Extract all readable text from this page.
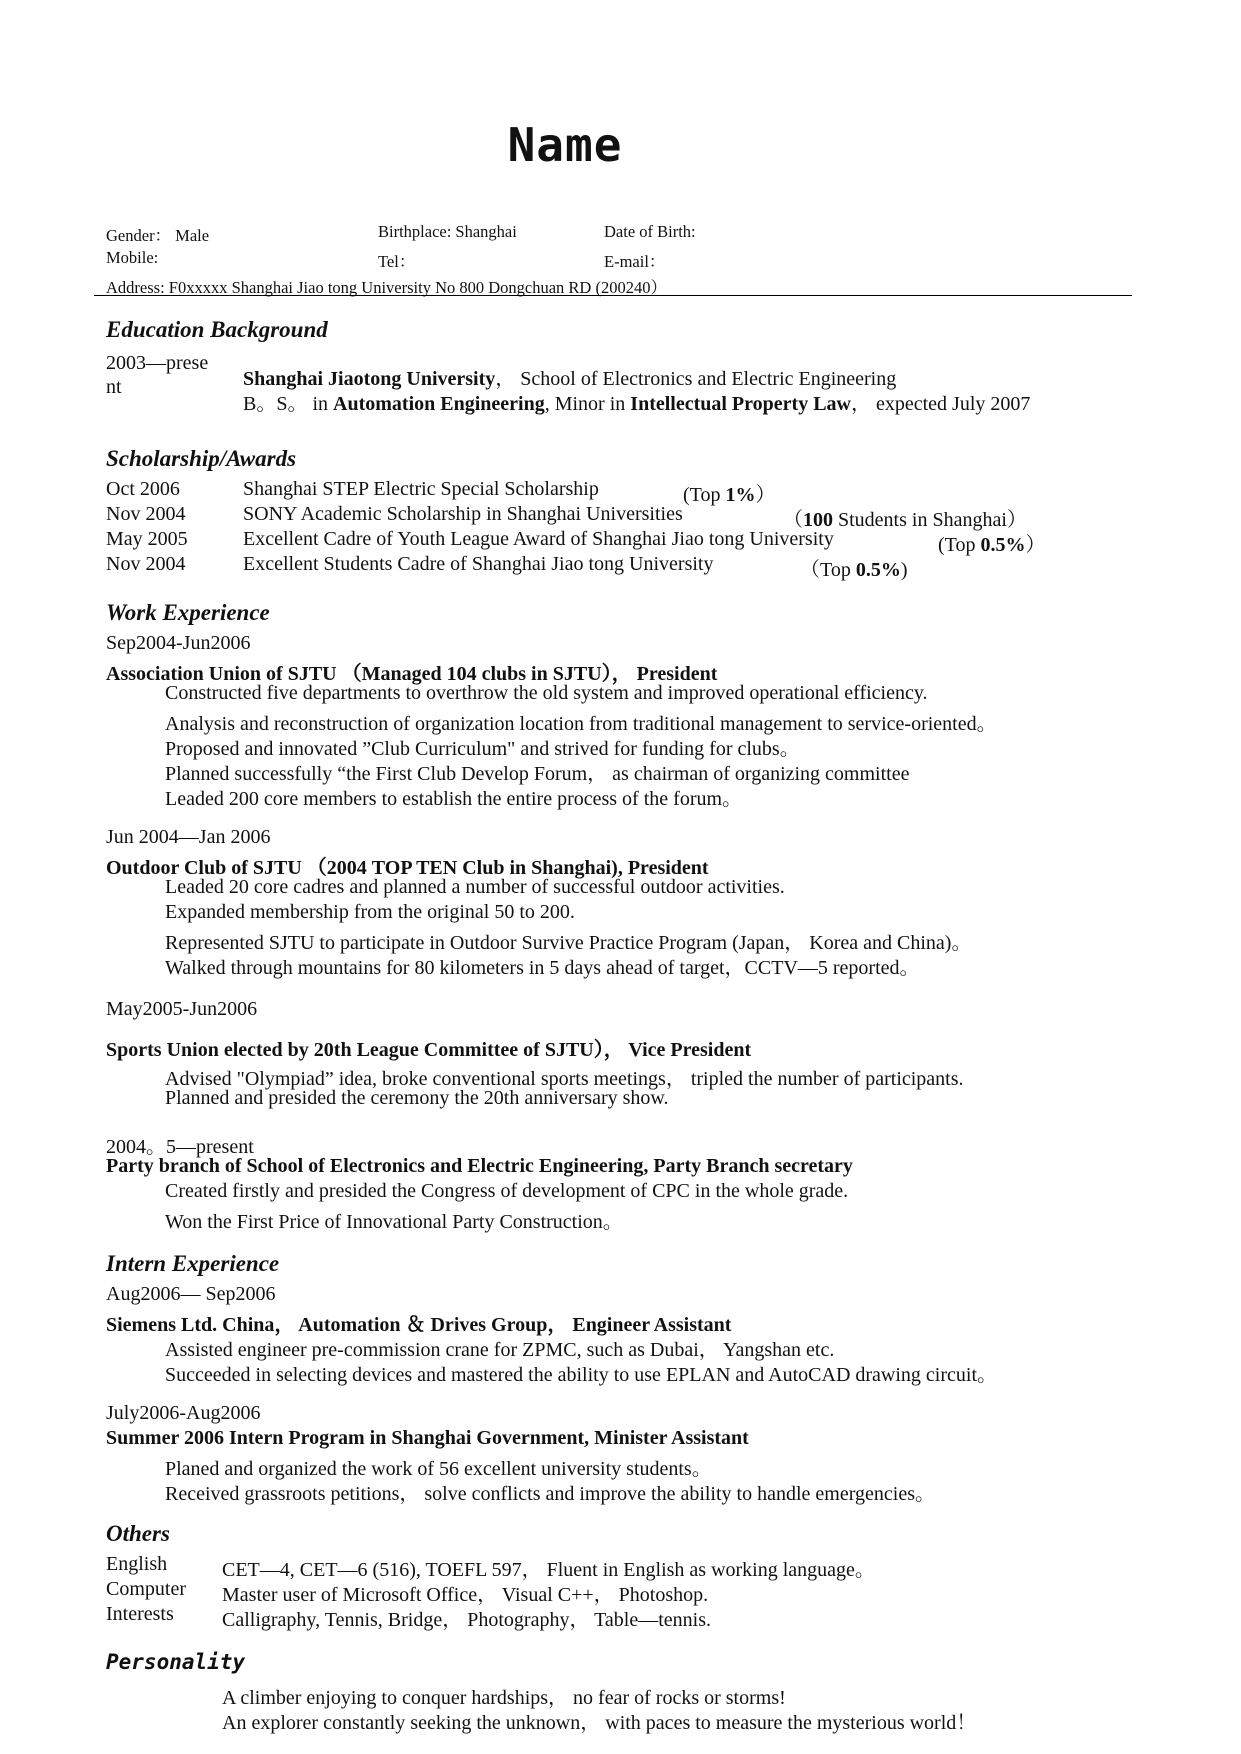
Name
Gender： Male	Birthplace: Shanghai	Date of Birth:
Mobile:	Tel：	E-mail：
Address: F0xxxxx Shanghai Jiao tong University No 800 Dongchuan RD (200240）
Education Background
2003—prese
nt	Shanghai Jiaotong University， School of Electronics and Electric Engineering
B。S。 in Automation Engineering, Minor in Intellectual Property Law， expected July 2007
Scholarship/Awards
Oct 2006	Shanghai STEP Electric Special Scholarship	(Top 1%）
Nov 2004	SONY Academic Scholarship in Shanghai Universities	（100 Students in Shanghai）
May 2005	Excellent Cadre of Youth League Award of Shanghai Jiao tong University	(Top 0.5%）
Nov 2004	Excellent Students Cadre of Shanghai Jiao tong University	（Top 0.5%)
Work Experience
Sep2004-Jun2006
Association Union of SJTU （Managed 104 clubs in SJTU）， President
Constructed five departments to overthrow the old system and improved operational efficiency.
Analysis and reconstruction of organization location from traditional management to service-oriented。
Proposed and innovated ”Club Curriculum" and strived for funding for clubs。
Planned successfully “the First Club Develop Forum， as chairman of organizing committee
Leaded 200 core members to establish the entire process of the forum。
Jun 2004—Jan 2006
Outdoor Club of SJTU （2004 TOP TEN Club in Shanghai), President
Leaded 20 core cadres and planned a number of successful outdoor activities.
Expanded membership from the original 50 to 200.
Represented SJTU to participate in Outdoor Survive Practice Program (Japan， Korea and China)。
Walked through mountains for 80 kilometers in 5 days ahead of target，CCTV—5 reported。
May2005-Jun2006
Sports Union elected by 20th League Committee of SJTU）， Vice President
Advised "Olympiad” idea, broke conventional sports meetings， tripled the number of participants.
Planned and presided the ceremony the 20th anniversary show.
2004。5—present
Party branch of School of Electronics and Electric Engineering, Party Branch secretary
Created firstly and presided the Congress of development of CPC in the whole grade.
Won the First Price of Innovational Party Construction。
Intern Experience
Aug2006— Sep2006
Siemens Ltd. China， Automation ＆ Drives Group， Engineer Assistant
Assisted engineer pre-commission crane for ZPMC, such as Dubai， Yangshan etc.
Succeeded in selecting devices and mastered the ability to use EPLAN and AutoCAD drawing circuit。
July2006-Aug2006
Summer 2006 Intern Program in Shanghai Government, Minister Assistant
Planed and organized the work of 56 excellent university students。
Received grassroots petitions， solve conflicts and improve the ability to handle emergencies。
Others
English	CET—4, CET—6 (516), TOEFL 597， Fluent in English as working language。
Computer Master user of Microsoft Office， Visual C++， Photoshop.
Interests Calligraphy, Tennis, Bridge， Photography， Table—tennis.
Personality
A climber enjoying to conquer hardships， no fear of rocks or storms!
An explorer constantly seeking the unknown， with paces to measure the mysterious world！
